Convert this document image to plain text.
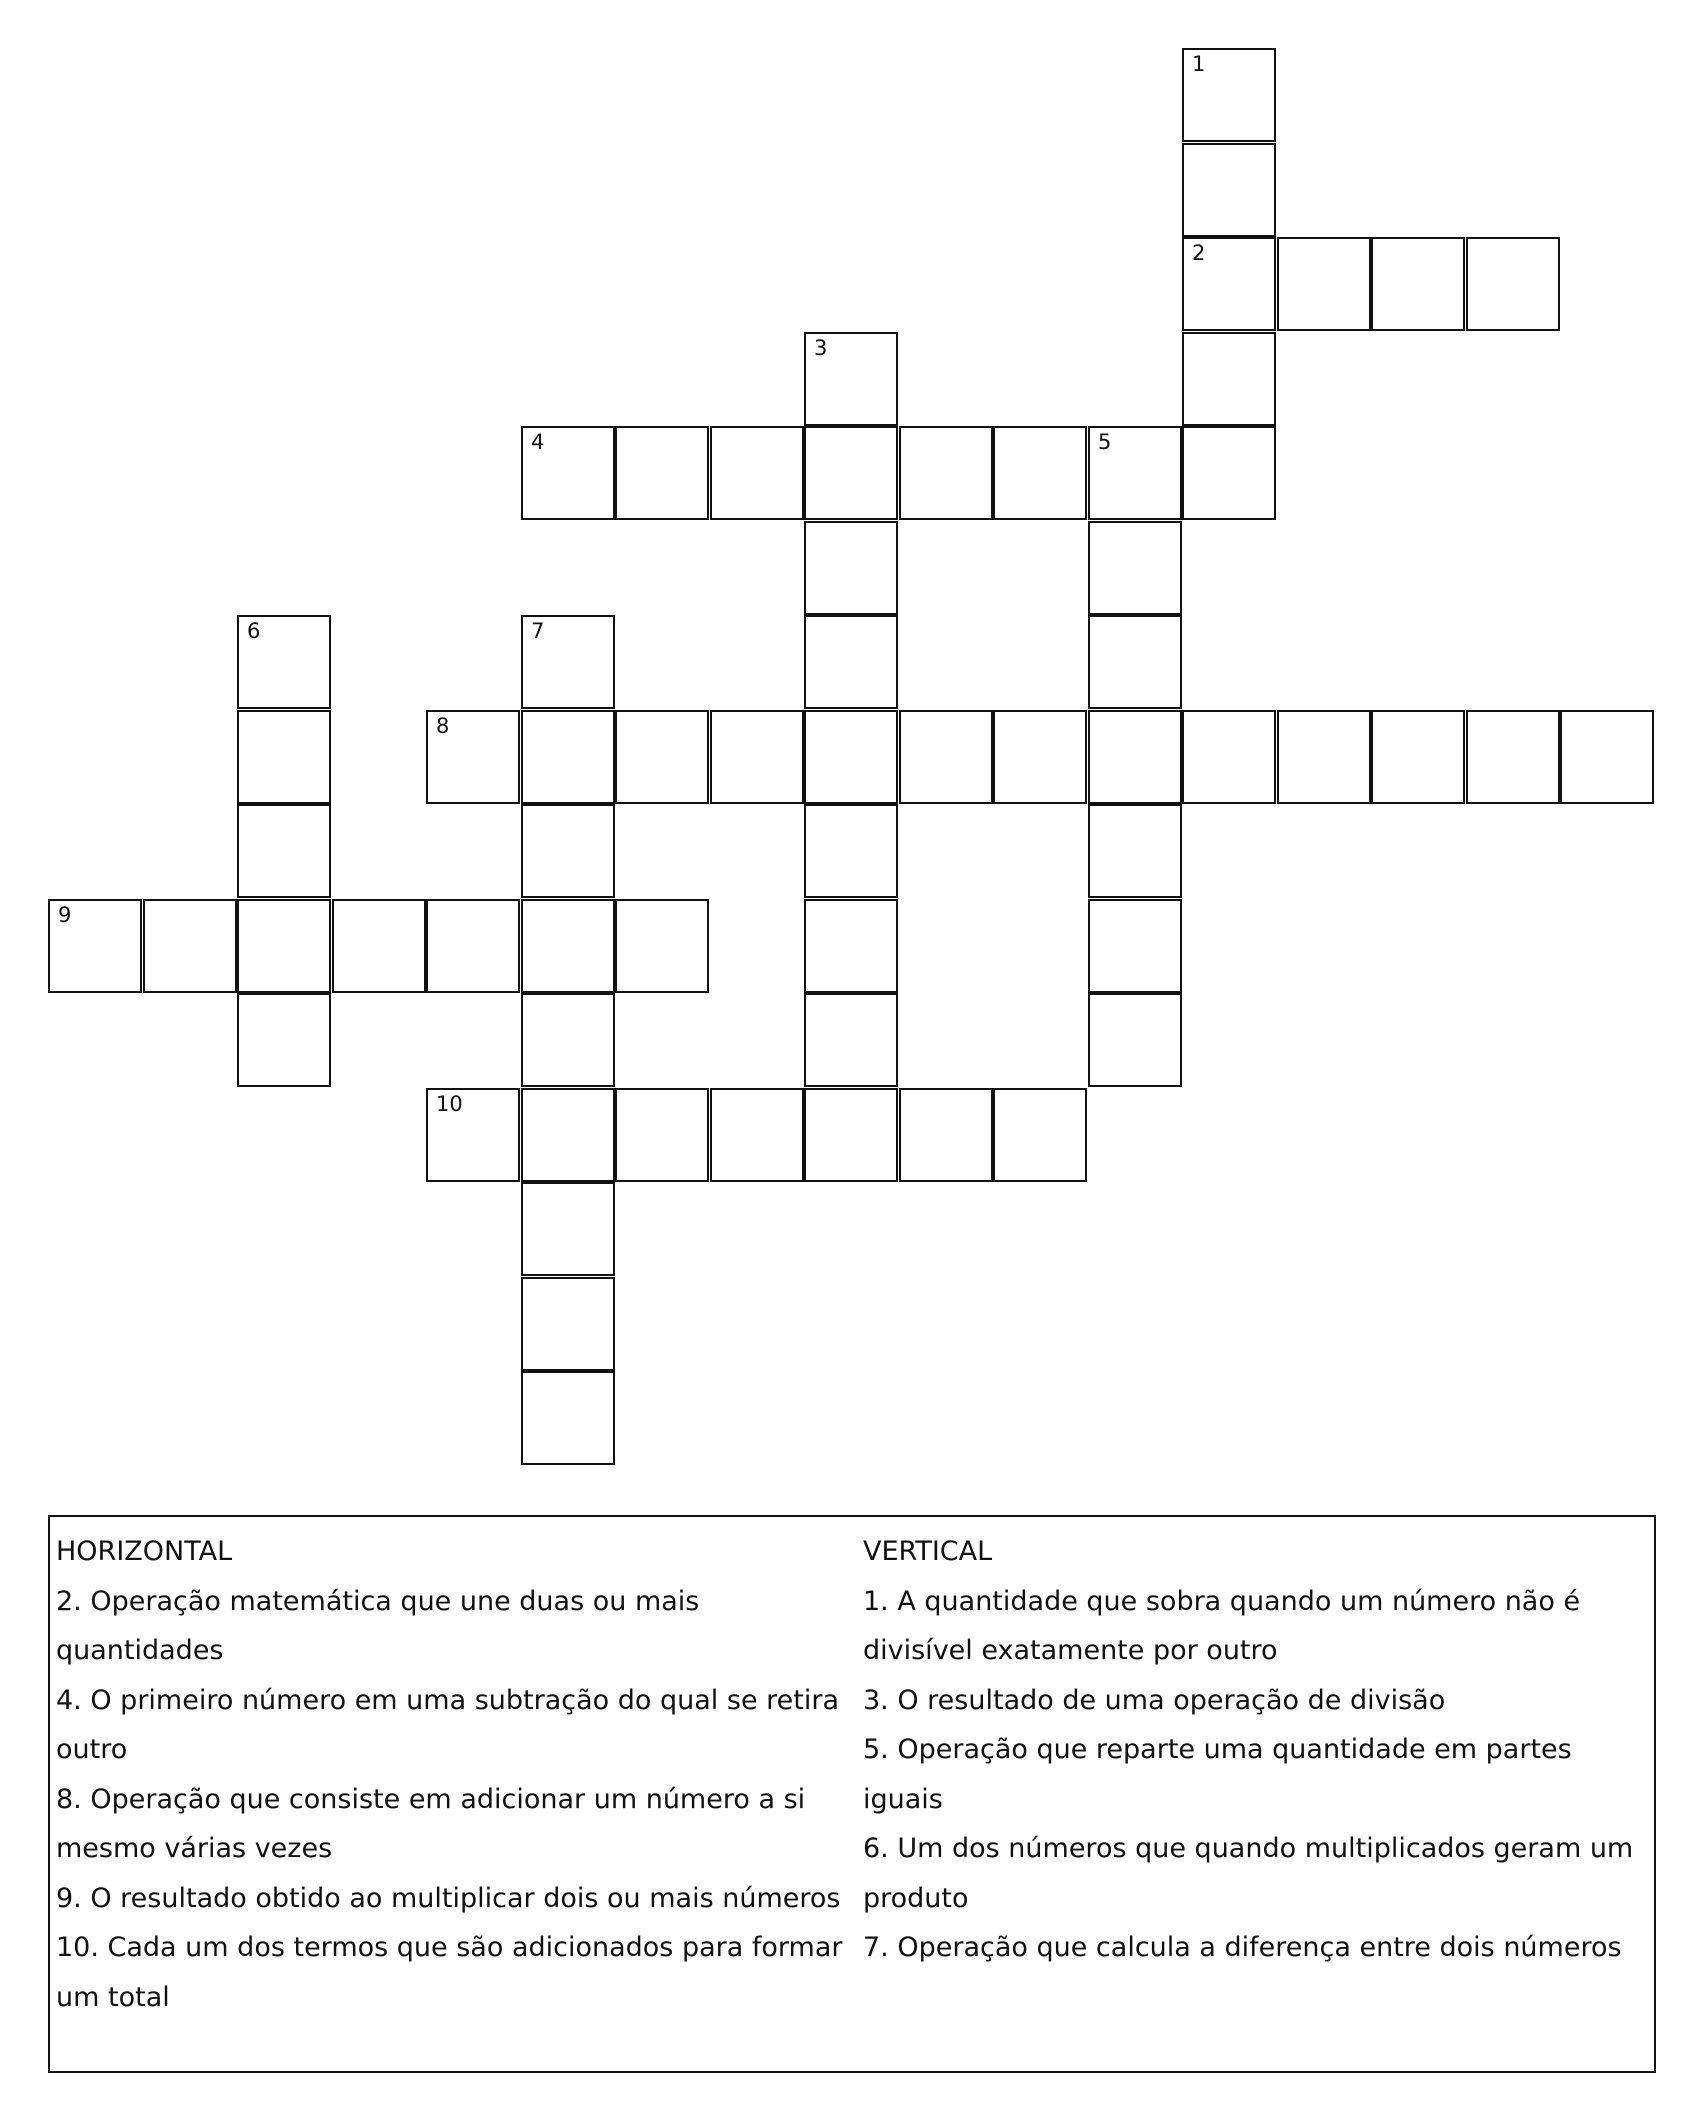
1
2
3
4	5
6	7
8
9
10

HORIZONTAL

2. Operação matemática que une duas ou mais quantidades

4. O primeiro número em uma subtração do qual se retira outro

8. Operação que consiste em adicionar um número a si mesmo várias vezes

9. O resultado obtido ao multiplicar dois ou mais números

10. Cada um dos termos que são adicionados para formar um total

VERTICAL

1. A quantidade que sobra quando um número não é divisível exatamente por outro

3. O resultado de uma operação de divisão

5. Operação que reparte uma quantidade em partes iguais

6. Um dos números que quando multiplicados geram um produto

7. Operação que calcula a diferença entre dois números
